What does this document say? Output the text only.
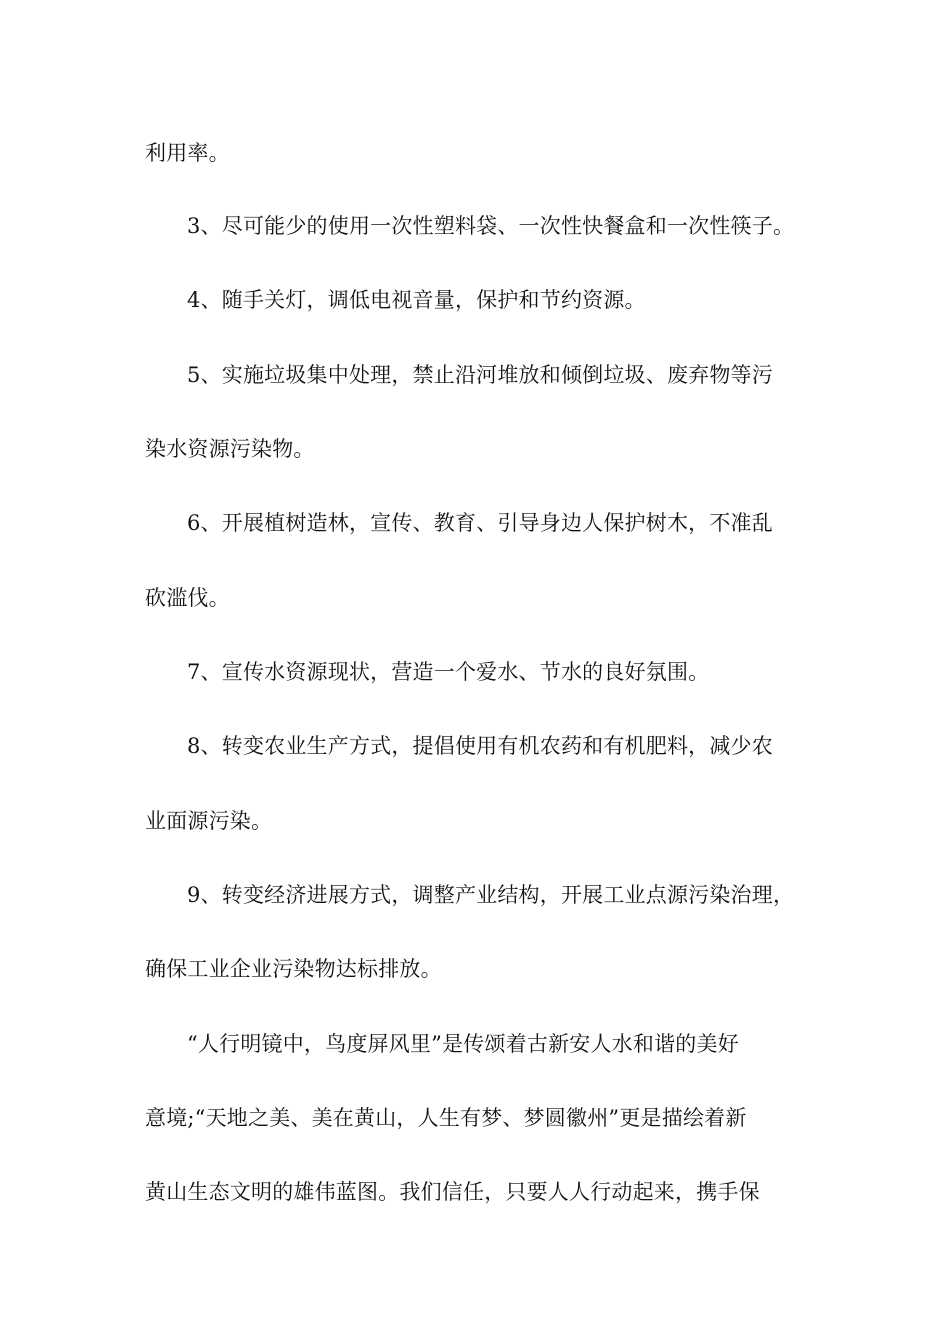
利用率。
3、尽可能少的使用一次性塑料袋、一次性快餐盒和一次性筷子。
4、随手关灯，调低电视音量，保护和节约资源。
5、实施垃圾集中处理，禁止沿河堆放和倾倒垃圾、废弃物等污
染水资源污染物。
6、开展植树造林，宣传、教育、引导身边人保护树木，不准乱
砍滥伐。
7、宣传水资源现状，营造一个爱水、节水的良好氛围。
8、转变农业生产方式，提倡使用有机农药和有机肥料，减少农
业面源污染。
9、转变经济进展方式，调整产业结构，开展工业点源污染治理，
确保工业企业污染物达标排放。
“人行明镜中，鸟度屏风里”是传颂着古新安人水和谐的美好
意境;“天地之美、美在黄山，人生有梦、梦圆徽州”更是描绘着新
黄山生态文明的雄伟蓝图。我们信任，只要人人行动起来，携手保
